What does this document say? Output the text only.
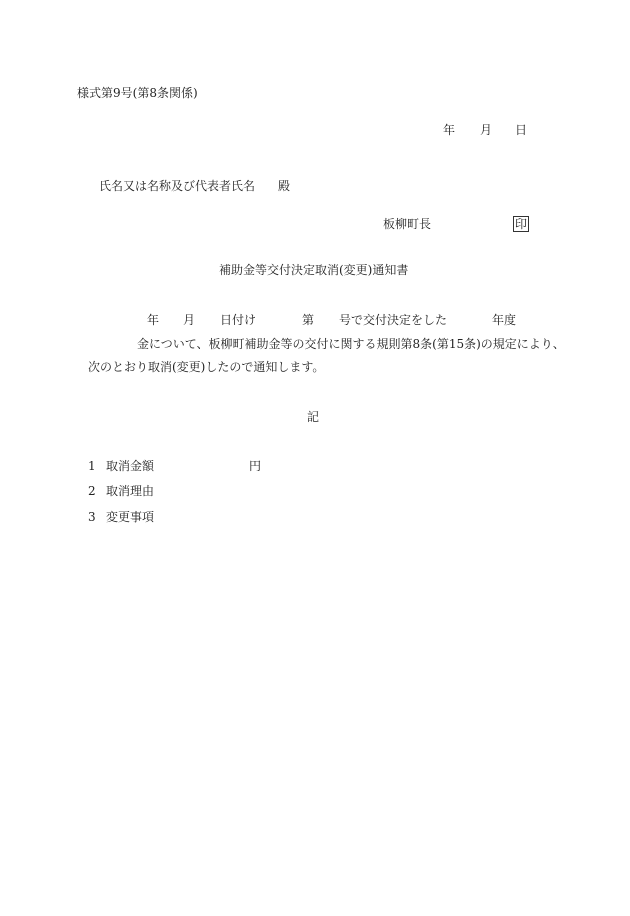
様式第9号(第8条関係)
年 月 日
氏名又は名称及び代表者氏名 殿
板柳町長	印
補助金等交付決定取消(変更)通知書
年 月 日付け	第 号で交付決定をした	年度
金について、板柳町補助金等の交付に関する規則第8条(第15条)の規定により、
次のとおり取消(変更)したので通知します。
記
1 取消金額	円
2 取消理由
3 変更事項
